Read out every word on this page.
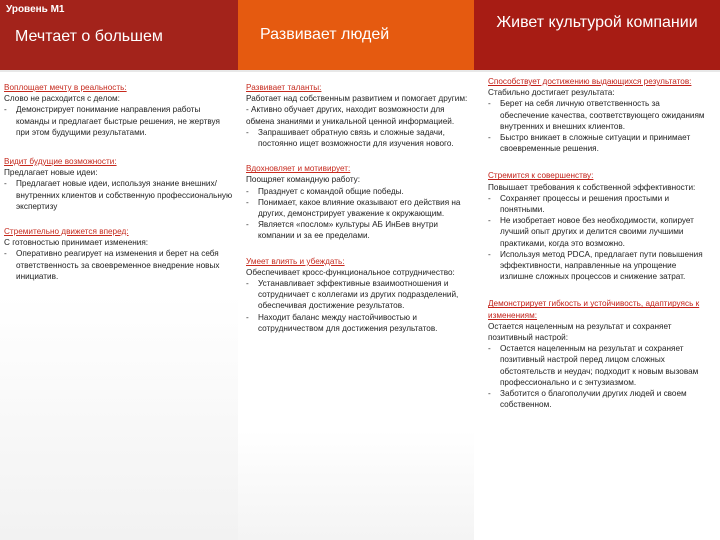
Уровень М1
Мечтает о большем
Воплощает мечту в реальность:
Слово не расходится с делом:
- Демонстрирует понимание направления работы команды и предлагает быстрые решения, не жертвуя при этом будущими результатами.
Видит будущие возможности:
Предлагает новые идеи:
- Предлагает новые идеи, используя знание внешних/внутренних клиентов и собственную профессиональную экспертизу
Стремительно движется вперед:
С готовностью принимает изменения:
- Оперативно реагирует на изменения и берет на себя ответственность за своевременное внедрение новых инициатив.
Развивает людей
Развивает таланты:
Работает над собственным развитием и помогает другим:
- Активно обучает других, находит возможности для обмена знаниями и уникальной ценной информацией.
- Запрашивает обратную связь и сложные задачи, постоянно ищет возможности для изучения нового.
Вдохновляет и мотивирует:
Поощряет командную работу:
- Празднует с командой общие победы.
- Понимает, какое влияние оказывают его действия на других, демонстрирует уважение к окружающим.
- Является «послом» культуры АБ ИнБев внутри компании и за ее пределами.
Умеет влиять и убеждать:
Обеспечивает кросс-функциональное сотрудничество:
- Устанавливает эффективные взаимоотношения и сотрудничает с коллегами из других подразделений, обеспечивая достижение результатов.
- Находит баланс между настойчивостью и сотрудничеством для достижения результатов.
Живет культурой компании
Способствует достижению выдающихся результатов:
Стабильно достигает результата:
- Берет на себя личную ответственность за обеспечение качества, соответствующего ожиданиям внутренних и внешних клиентов.
- Быстро вникает в сложные ситуации и принимает своевременные решения.
Стремится к совершенству:
Повышает требования к собственной эффективности:
- Сохраняет процессы и решения простыми и понятными.
- Не изобретает новое без необходимости, копирует лучший опыт других и делится своими лучшими практиками, когда это возможно.
- Используя метод PDCA, предлагает пути повышения эффективности, направленные на упрощение излишне сложных процессов и снижение затрат.
Демонстрирует гибкость и устойчивость, адаптируясь к изменениям:
Остается нацеленным на результат и сохраняет позитивный настрой:
- Остается нацеленным на результат и сохраняет позитивный настрой перед лицом сложных обстоятельств и неудач; подходит к новым вызовам профессионально и с энтузиазмом.
- Заботится о благополучии других людей и своем собственном.
